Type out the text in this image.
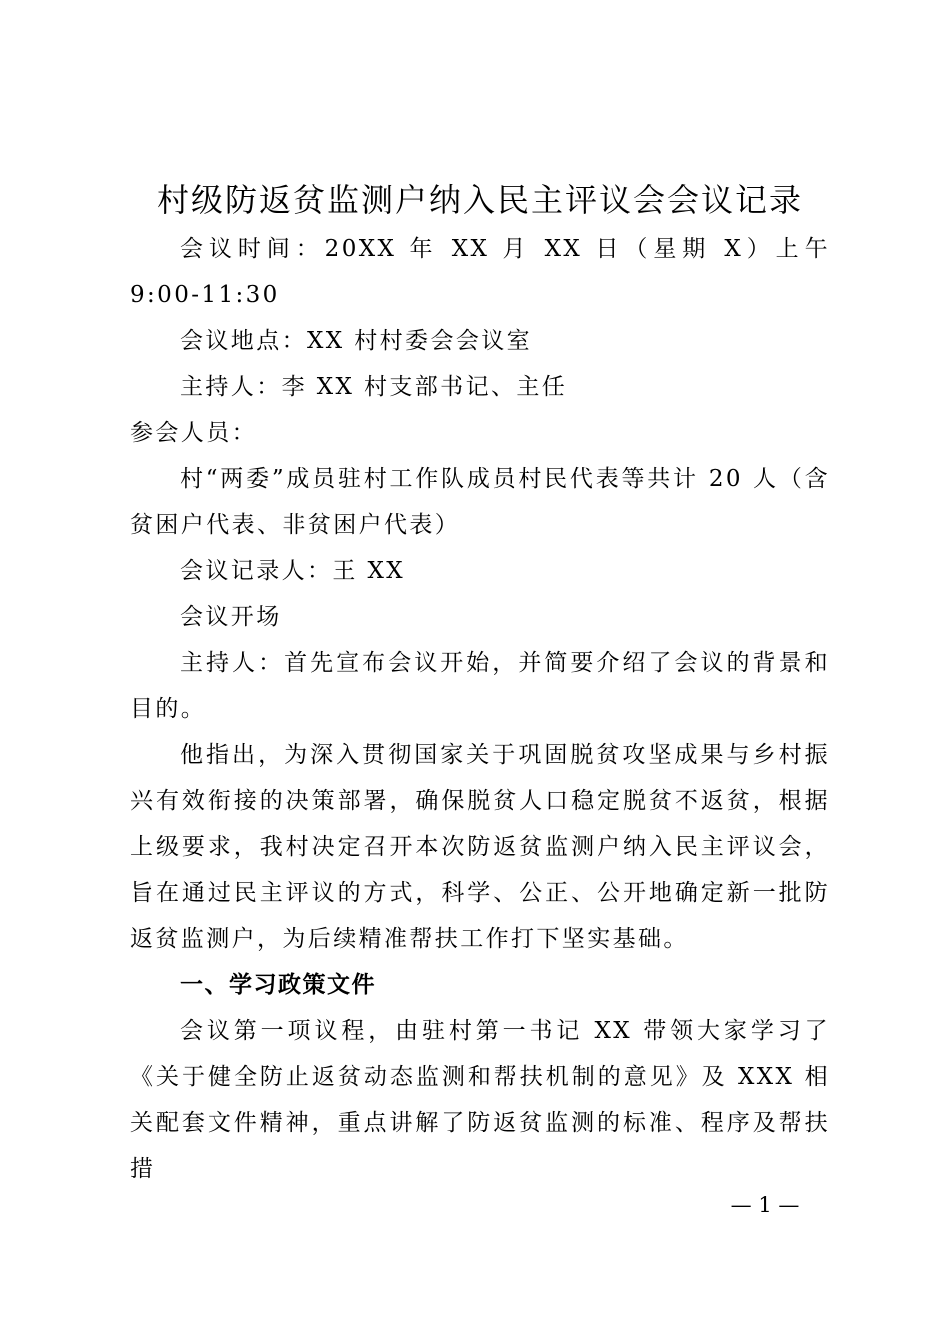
村级防返贫监测户纳入民主评议会会议记录

会议时间：20XX 年 XX 月 XX 日（星期 X）上午 9:00-11:30

会议地点：XX 村村委会会议室

主持人：李 XX 村支部书记、主任

参会人员：

村“两委”成员驻村工作队成员村民代表等共计 20 人（含贫困户代表、非贫困户代表）

会议记录人：王 XX

会议开场

主持人：首先宣布会议开始，并简要介绍了会议的背景和目的。

他指出，为深入贯彻国家关于巩固脱贫攻坚成果与乡村振兴有效衔接的决策部署，确保脱贫人口稳定脱贫不返贫，根据上级要求，我村决定召开本次防返贫监测户纳入民主评议会，旨在通过民主评议的方式，科学、公正、公开地确定新一批防返贫监测户，为后续精准帮扶工作打下坚实基础。

一、学习政策文件

会议第一项议程，由驻村第一书记 XX 带领大家学习了《关于健全防止返贫动态监测和帮扶机制的意见》及 XXX 相关配套文件精神，重点讲解了防返贫监测的标准、程序及帮扶措

— 1 —
